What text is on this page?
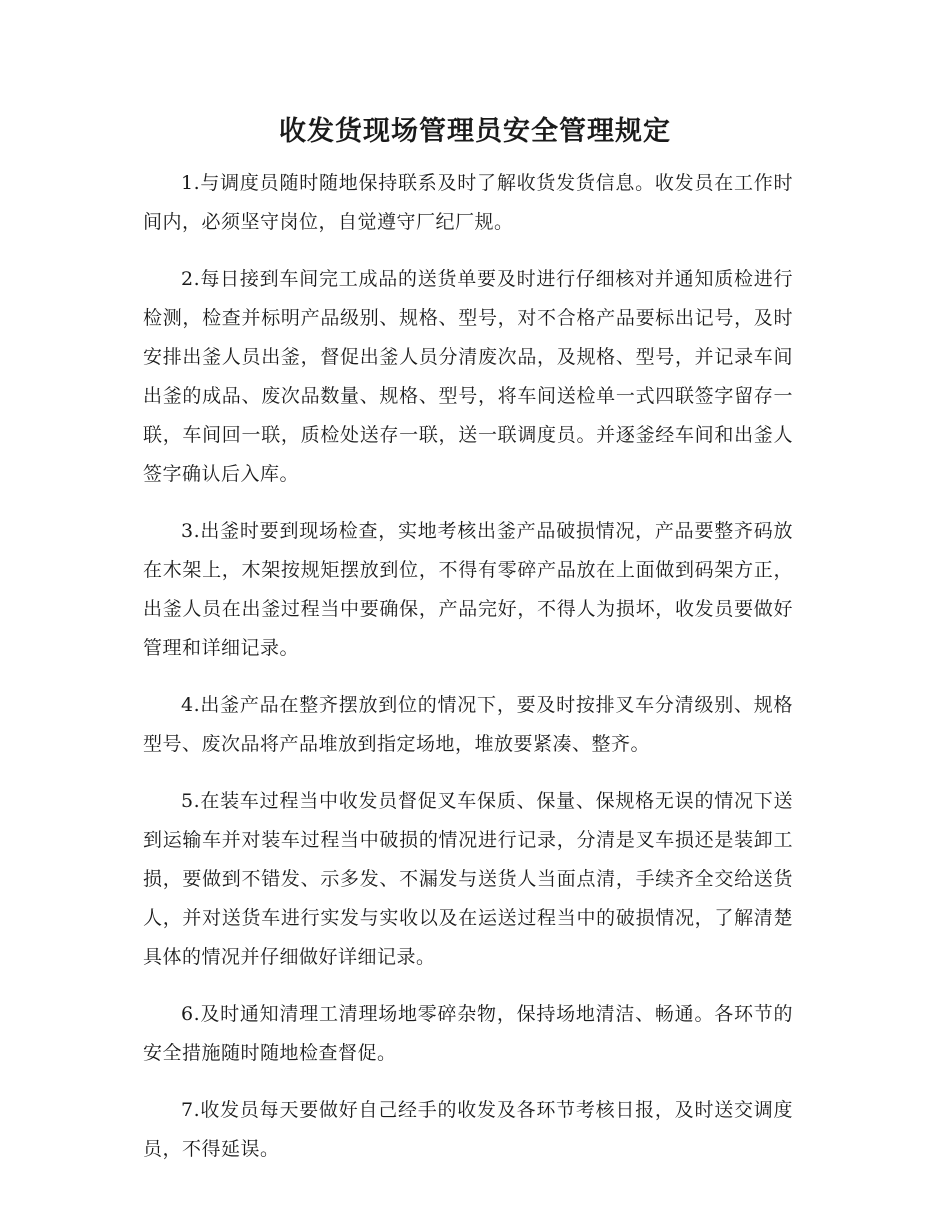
收发货现场管理员安全管理规定

1.与调度员随时随地保持联系及时了解收货发货信息。收发员在工作时间内，必须坚守岗位，自觉遵守厂纪厂规。

2.每日接到车间完工成品的送货单要及时进行仔细核对并通知质检进行检测，检查并标明产品级别、规格、型号，对不合格产品要标出记号，及时安排出釜人员出釜，督促出釜人员分清废次品，及规格、型号，并记录车间出釜的成品、废次品数量、规格、型号，将车间送检单一式四联签字留存一联，车间回一联，质检处送存一联，送一联调度员。并逐釜经车间和出釜人签字确认后入库。

3.出釜时要到现场检查，实地考核出釜产品破损情况，产品要整齐码放在木架上，木架按规矩摆放到位，不得有零碎产品放在上面做到码架方正，出釜人员在出釜过程当中要确保，产品完好，不得人为损坏，收发员要做好管理和详细记录。

4.出釜产品在整齐摆放到位的情况下，要及时按排叉车分清级别、规格型号、废次品将产品堆放到指定场地，堆放要紧凑、整齐。

5.在装车过程当中收发员督促叉车保质、保量、保规格无误的情况下送到运输车并对装车过程当中破损的情况进行记录，分清是叉车损还是装卸工损，要做到不错发、示多发、不漏发与送货人当面点清，手续齐全交给送货人，并对送货车进行实发与实收以及在运送过程当中的破损情况，了解清楚具体的情况并仔细做好详细记录。

6.及时通知清理工清理场地零碎杂物，保持场地清洁、畅通。各环节的安全措施随时随地检查督促。

7.收发员每天要做好自己经手的收发及各环节考核日报，及时送交调度员，不得延误。
